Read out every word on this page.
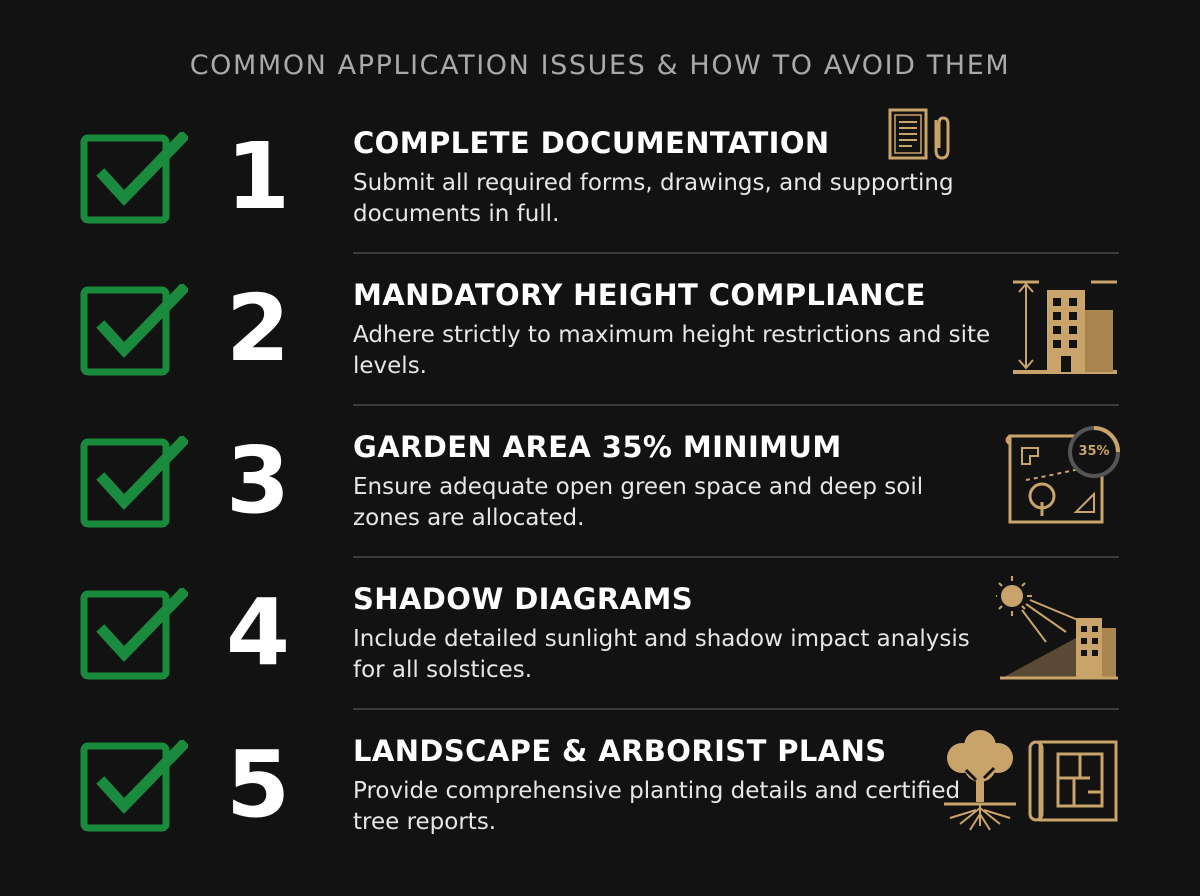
COMMON APPLICATION ISSUES & HOW TO AVOID THEM
1 COMPLETE DOCUMENTATION
Submit all required forms, drawings, and supporting documents in full.
2 MANDATORY HEIGHT COMPLIANCE
Adhere strictly to maximum height restrictions and site levels.
3 GARDEN AREA 35% MINIMUM
Ensure adequate open green space and deep soil zones are allocated.
35%
4 SHADOW DIAGRAMS
Include detailed sunlight and shadow impact analysis for all solstices.
5 LANDSCAPE & ARBORIST PLANS
Provide comprehensive planting details and certified tree reports.
